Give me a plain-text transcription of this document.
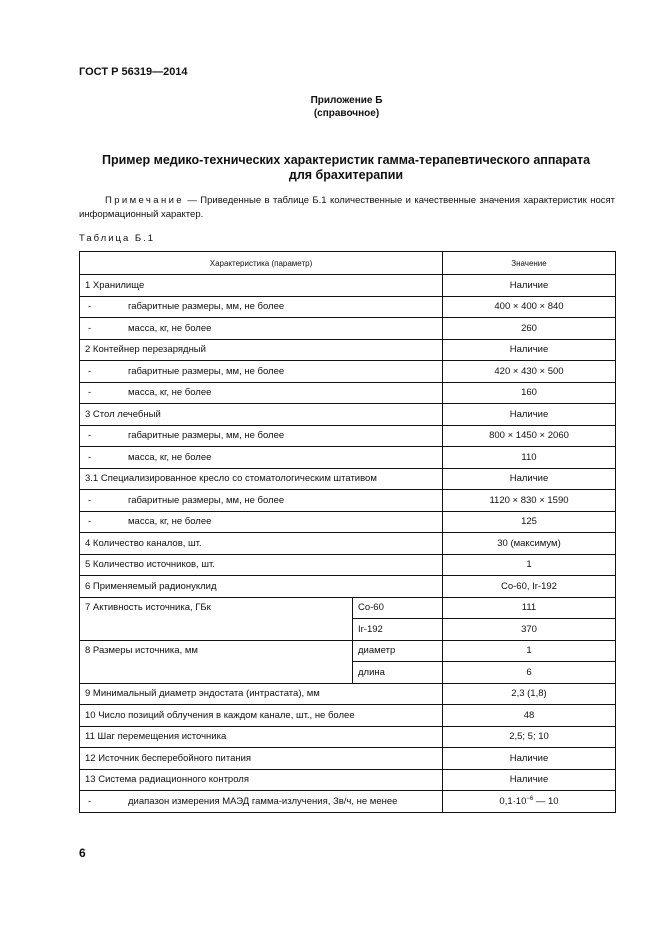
ГОСТ Р 56319—2014
Приложение Б
(справочное)
Пример медико-технических характеристик гамма-терапевтического аппарата
для брахитерапии
Примечание — Приведенные в таблице Б.1 количественные и качественные значения характеристик носят информационный характер.
Таблица Б.1
Характеристика (параметр)		Значение
1 Хранилище		Наличие
- габаритные размеры, мм, не более		400 × 400 × 840
- масса, кг, не более		260
2 Контейнер перезарядный		Наличие
- габаритные размеры, мм, не более		420 × 430 × 500
- масса, кг, не более		160
3 Стол лечебный		Наличие
- габаритные размеры, мм, не более		800 × 1450 × 2060
- масса, кг, не более		110
3.1 Специализированное кресло со стоматологическим штативом		Наличие
- габаритные размеры, мм, не более		1120 × 830 × 1590
- масса, кг, не более		125
4 Количество каналов, шт.		30 (максимум)
5 Количество источников, шт.		1
6 Применяемый радионуклид		Co-60, Ir-192
7 Активность источника, ГБк	Co-60	111
	Ir-192	370
8 Размеры источника, мм	диаметр	1
	длина	6
9 Минимальный диаметр эндостата (интрастата), мм		2,3 (1,8)
10 Число позиций облучения в каждом канале, шт., не более		48
11 Шаг перемещения источника		2,5; 5; 10
12 Источник бесперебойного питания		Наличие
13 Система радиационного контроля		Наличие
- диапазон измерения МАЭД гамма-излучения, Зв/ч, не менее		$0,1\cdot 10^{-6}$ — 10
6
